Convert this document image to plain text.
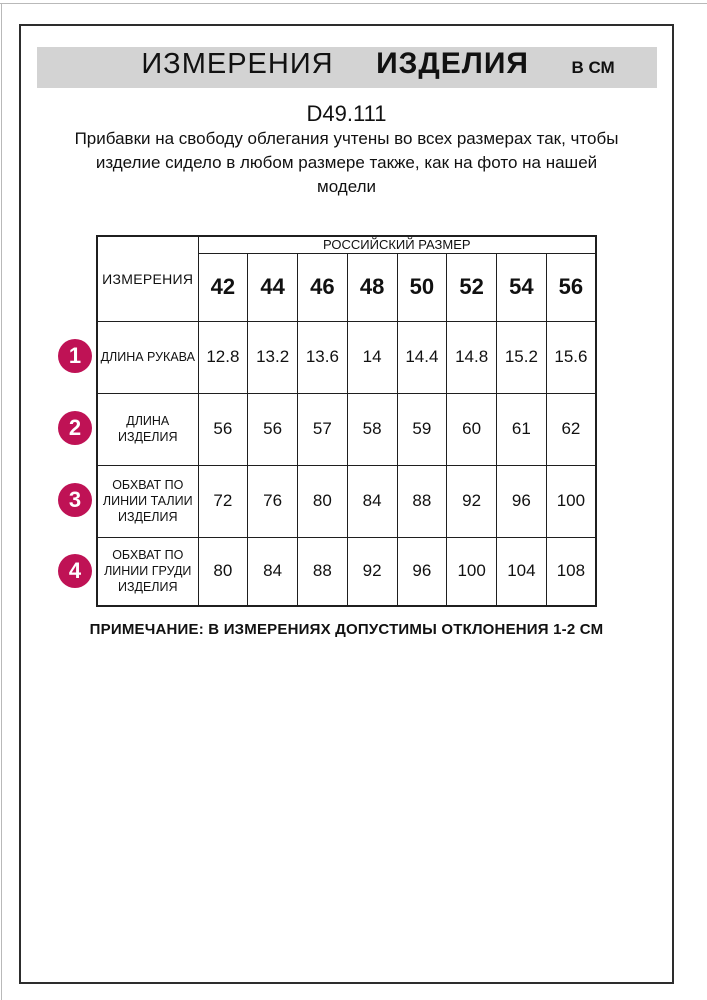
ИЗМЕРЕНИЯ ИЗДЕЛИЯ В СМ
D49.111
Прибавки на свободу облегания учтены во всех размерах так, чтобы
изделие сидело в любом размере также, как на фото на нашей
модели
ИЗМЕРЕНИЯ	РОССИЙСКИЙ РАЗМЕР							
	42	44	46	48	50	52	54	56

ДЛИНА РУКАВА	12.8	13.2	13.6	14	14.4	14.8	15.2	15.6

ДЛИНА
ИЗДЕЛИЯ	56	56	57	58	59	60	61	62

ОБХВАТ ПО
ЛИНИИ ТАЛИИ
ИЗДЕЛИЯ	72	76	80	84	88	92	96	100

ОБХВАТ ПО
ЛИНИИ ГРУДИ
ИЗДЕЛИЯ	80	84	88	92	96	100	104	108
1
2
3
4
ПРИМЕЧАНИЕ: В ИЗМЕРЕНИЯХ ДОПУСТИМЫ ОТКЛОНЕНИЯ 1-2 СМ
